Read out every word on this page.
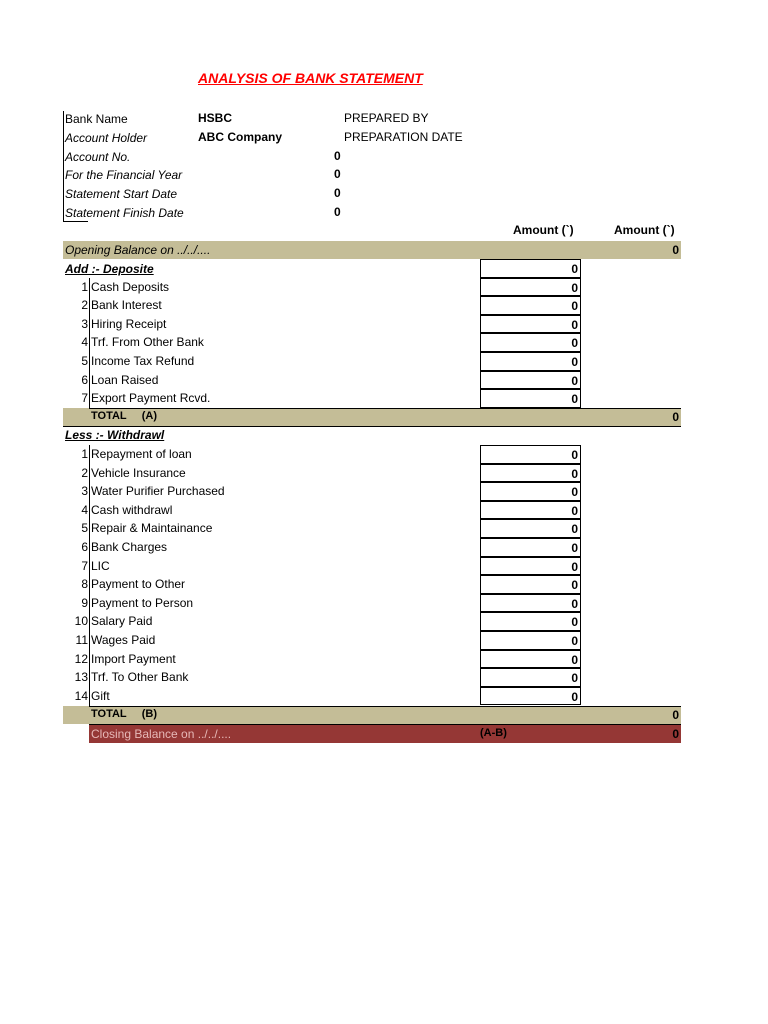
ANALYSIS OF BANK STATEMENT
Bank Name	HSBC	PREPARED BY
Account Holder	ABC Company	PREPARATION DATE
Account No.	0
For the Financial Year	0
Statement Start Date	0
Statement Finish Date	0
Amount (`)	Amount (`)
Opening Balance on ../../....	0
Add :- Deposite	0
1 Cash Deposits	0
2 Bank Interest	0
3 Hiring Receipt	0
4 Trf. From Other Bank	0
5 Income Tax Refund	0
6 Loan Raised	0
7 Export Payment Rcvd.	0
TOTAL     (A)	0
Less :- Withdrawl
1 Repayment of loan	0
2 Vehicle Insurance	0
3 Water Purifier Purchased	0
4 Cash withdrawl	0
5 Repair & Maintainance	0
6 Bank Charges	0
7 LIC	0
8 Payment to Other	0
9 Payment to Person	0
10 Salary Paid	0
11 Wages Paid	0
12 Import Payment	0
13 Trf. To Other Bank	0
14 Gift	0
TOTAL     (B)	0
Closing Balance on ../../....	(A-B)	0
